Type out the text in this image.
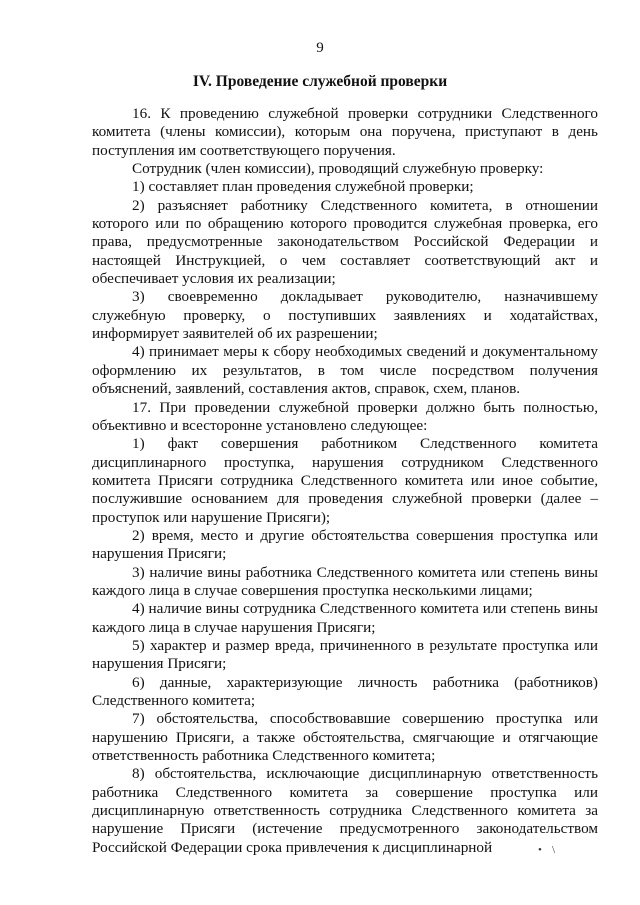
9
IV. Проведение служебной проверки

16. К проведению служебной проверки сотрудники Следственного комитета (члены комиссии), которым она поручена, приступают в день поступления им соответствующего поручения.

Сотрудник (член комиссии), проводящий служебную проверку:

1) составляет план проведения служебной проверки;

2) разъясняет работнику Следственного комитета, в отношении которого или по обращению которого проводится служебная проверка, его права, предусмотренные законодательством Российской Федерации и настоящей Инструкцией, о чем составляет соответствующий акт и обеспечивает условия их реализации;

3) своевременно докладывает руководителю, назначившему служебную проверку, о поступивших заявлениях и ходатайствах, информирует заявителей об их разрешении;

4) принимает меры к сбору необходимых сведений и документальному оформлению их результатов, в том числе посредством получения объяснений, заявлений, составления актов, справок, схем, планов.

17. При проведении служебной проверки должно быть полностью, объективно и всесторонне установлено следующее:

1) факт совершения работником Следственного комитета дисциплинарного проступка, нарушения сотрудником Следственного комитета Присяги сотрудника Следственного комитета или иное событие, послужившие основанием для проведения служебной проверки (далее – проступок или нарушение Присяги);

2) время, место и другие обстоятельства совершения проступка или нарушения Присяги;

3) наличие вины работника Следственного комитета или степень вины каждого лица в случае совершения проступка несколькими лицами;

4) наличие вины сотрудника Следственного комитета или степень вины каждого лица в случае нарушения Присяги;

5) характер и размер вреда, причиненного в результате проступка или нарушения Присяги;

6) данные, характеризующие личность работника (работников) Следственного комитета;

7) обстоятельства, способствовавшие совершению проступка или нарушению Присяги, а также обстоятельства, смягчающие и отягчающие ответственность работника Следственного комитета;

8) обстоятельства, исключающие дисциплинарную ответственность работника Следственного комитета за совершение проступка или дисциплинарную ответственность сотрудника Следственного комитета за нарушение Присяги (истечение предусмотренного законодательством Российской Федерации срока привлечения к дисциплинарной	• \
